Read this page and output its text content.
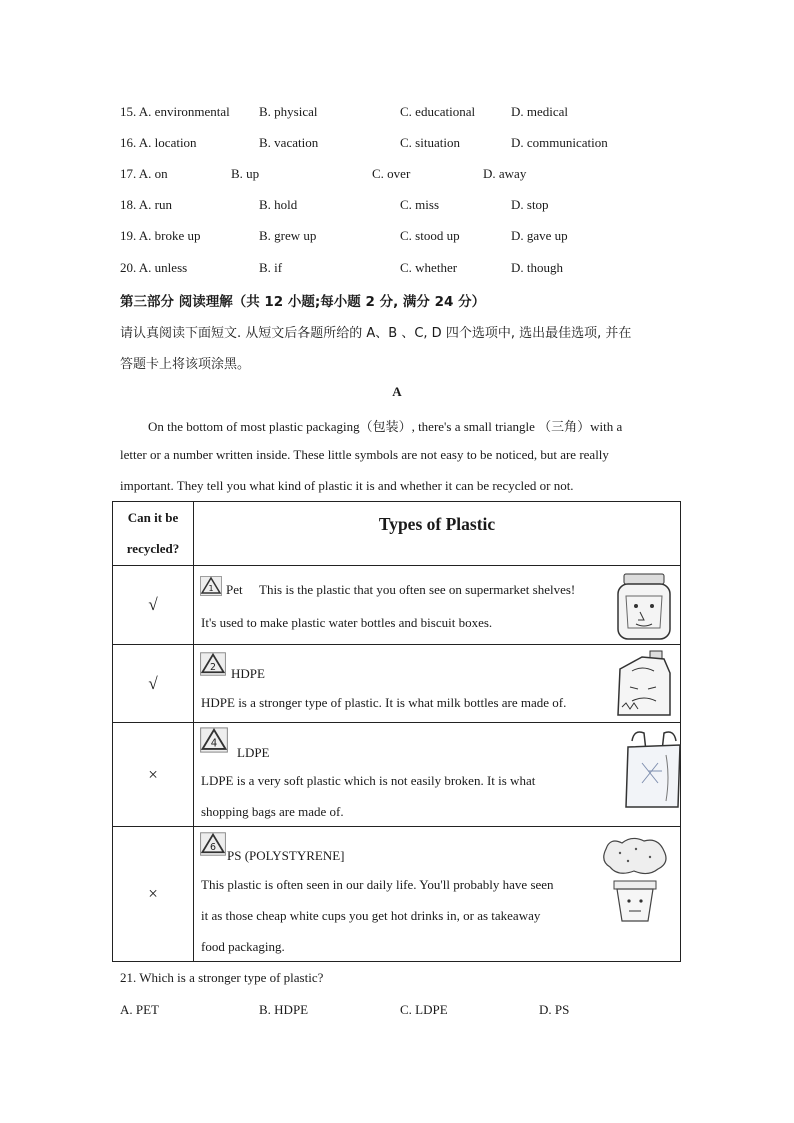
15. A. environmental B. physical	C. educational	D. medical
16. A. location	B. vacation	C. situation	D. communication
17. A. on	B. up	C. over	D. away
18. A. run	B. hold	C. miss	D. stop
19. A. broke up	B. grew up	C. stood up	D. gave up
20. A. unless	B. if	C. whether	D. though
第三部分 阅读理解（共 12 小题;每小题 2 分, 满分 24 分）
请认真阅读下面短文. 从短文后各题所给的 A、B 、C, D 四个选项中, 选出最佳选项, 并在
答题卡上将该项涂黑。
A
On the bottom of most plastic packaging（包装）, there's a small triangle （三角）with a
letter or a number written inside. These little symbols are not easy to be noticed, but are really
important. They tell you what kind of plastic it is and whether it can be recycled or not.
Can it be
recycled?	Types of Plastic

√	1 Pet This is the plastic that you often see on supermarket shelves!
It's used to make plastic water bottles and biscuit boxes.

√	2 HDPE
HDPE is a stronger type of plastic. It is what milk bottles are made of.

×	4
LDPE
LDPE is a very soft plastic which is not easily broken. It is what
shopping bags are made of.

×	6
PS (POLYSTYRENE]
This plastic is often seen in our daily life. You'll probably have seen
it as those cheap white cups you get hot drinks in, or as takeaway
food packaging.
21. Which is a stronger type of plastic?
A. PET	B. HDPE	C. LDPE	D. PS
